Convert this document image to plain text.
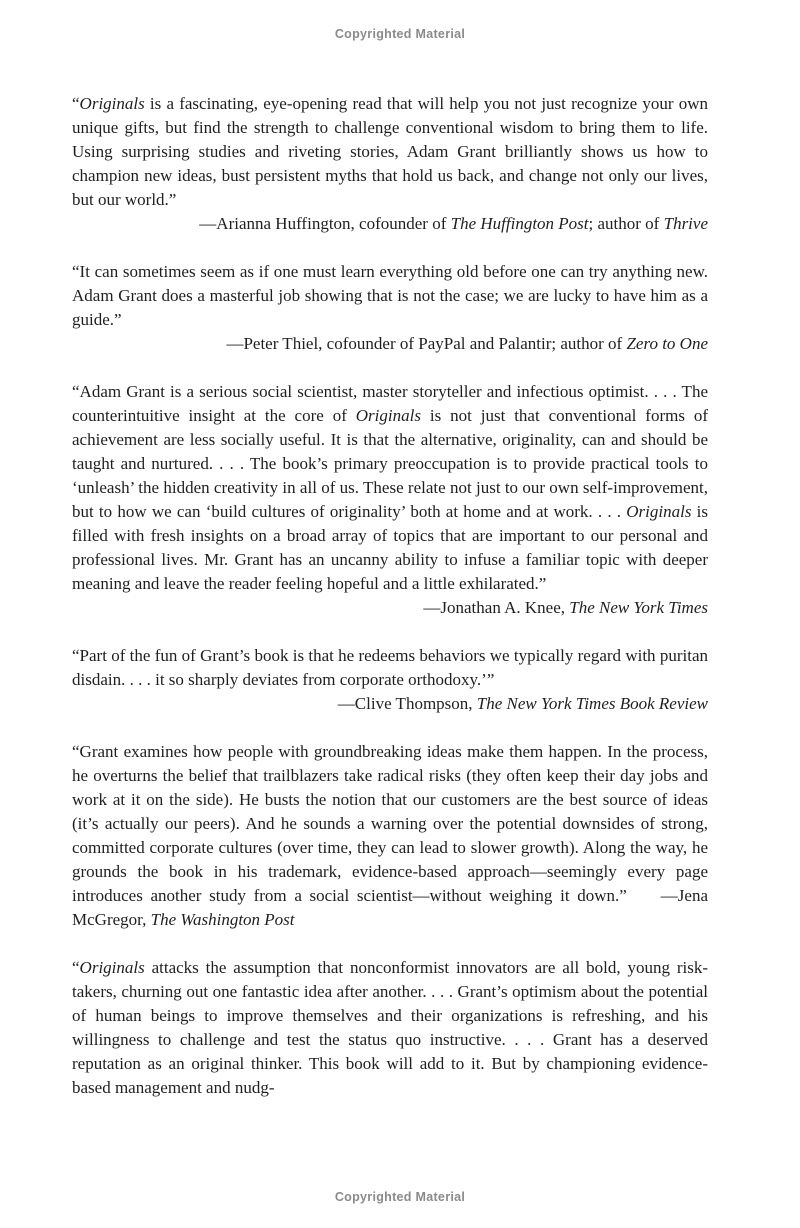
Copyrighted Material

“Originals is a fascinating, eye-opening read that will help you not just recognize your own unique gifts, but find the strength to challenge conventional wisdom to bring them to life. Using surprising studies and riveting stories, Adam Grant brilliantly shows us how to champion new ideas, bust persistent myths that hold us back, and change not only our lives, but our world.”

—Arianna Huffington, cofounder of The Huffington Post; author of Thrive

“It can sometimes seem as if one must learn everything old before one can try anything new. Adam Grant does a masterful job showing that is not the case; we are lucky to have him as a guide.”

—Peter Thiel, cofounder of PayPal and Palantir; author of Zero to One

“Adam Grant is a serious social scientist, master storyteller and infectious optimist. . . . The counterintuitive insight at the core of Originals is not just that conventional forms of achievement are less socially useful. It is that the alternative, originality, can and should be taught and nurtured. . . . The book’s primary preoccupation is to provide practical tools to ‘unleash’ the hidden creativity in all of us. These relate not just to our own self-improvement, but to how we can ‘build cultures of originality’ both at home and at work. . . . Originals is filled with fresh insights on a broad array of topics that are important to our personal and professional lives. Mr. Grant has an uncanny ability to infuse a familiar topic with deeper meaning and leave the reader feeling hopeful and a little exhilarated.”

—Jonathan A. Knee, The New York Times

“Part of the fun of Grant’s book is that he redeems behaviors we typically regard with puritan disdain. . . . it so sharply deviates from corporate orthodoxy.’”

—Clive Thompson, The New York Times Book Review

“Grant examines how people with groundbreaking ideas make them happen. In the process, he overturns the belief that trailblazers take radical risks (they often keep their day jobs and work at it on the side). He busts the notion that our customers are the best source of ideas (it’s actually our peers). And he sounds a warning over the potential downsides of strong, committed corporate cultures (over time, they can lead to slower growth). Along the way, he grounds the book in his trademark, evidence-based approach—seemingly every page introduces another study from a social scientist—without weighing it down.”   —Jena McGregor, The Washington Post

“Originals attacks the assumption that nonconformist innovators are all bold, young risk-takers, churning out one fantastic idea after another. . . . Grant’s optimism about the potential of human beings to improve themselves and their organizations is refreshing, and his willingness to challenge and test the status quo instructive. . . . Grant has a deserved reputation as an original thinker. This book will add to it. But by championing evidence-based management and nudg-

Copyrighted Material
